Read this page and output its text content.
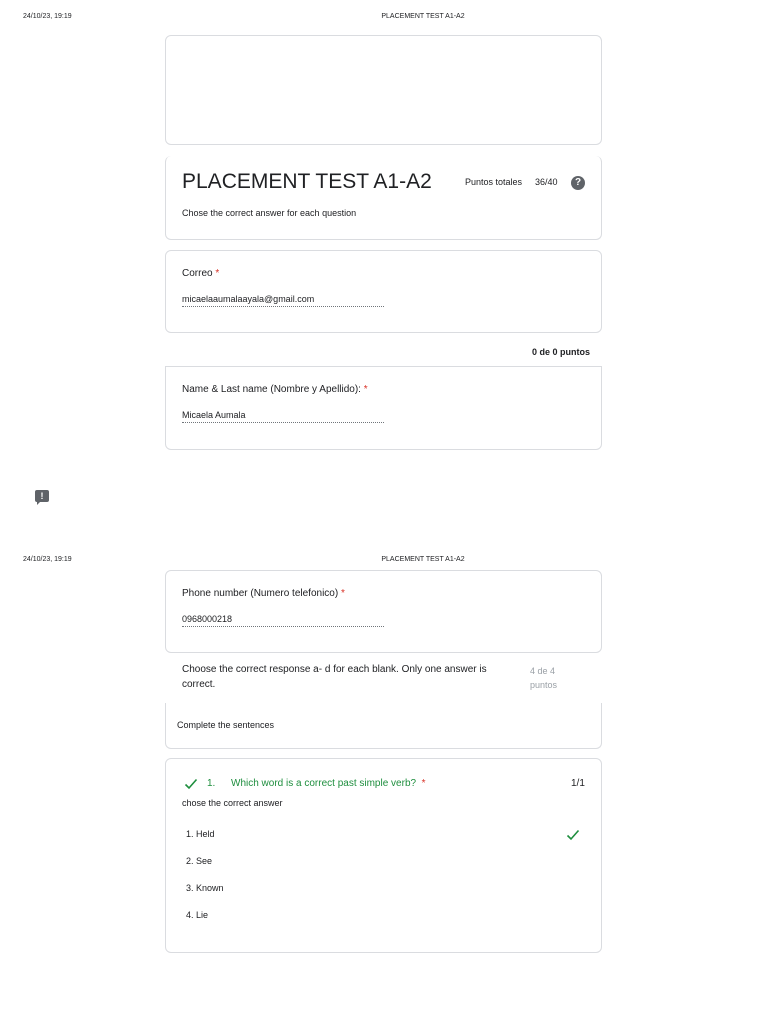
24/10/23, 19:19	PLACEMENT TEST A1-A2
PLACEMENT TEST A1-A2	Puntos totales 36/40	?
Chose the correct answer for each question
Correo *
micaelaaumalaayala@gmail.com
0 de 0 puntos
Name & Last name (Nombre y Apellido): *
Micaela Aumala
!
24/10/23, 19:19	PLACEMENT TEST A1-A2
Phone number (Numero telefonico) *
0968000218
Choose the correct response a- d for each blank. Only one answer is correct.
4 de 4
puntos
Complete the sentences
1. Which word is a correct past simple verb? *	1/1
chose the correct answer
1. Held
2. See
3. Known
4. Lie
